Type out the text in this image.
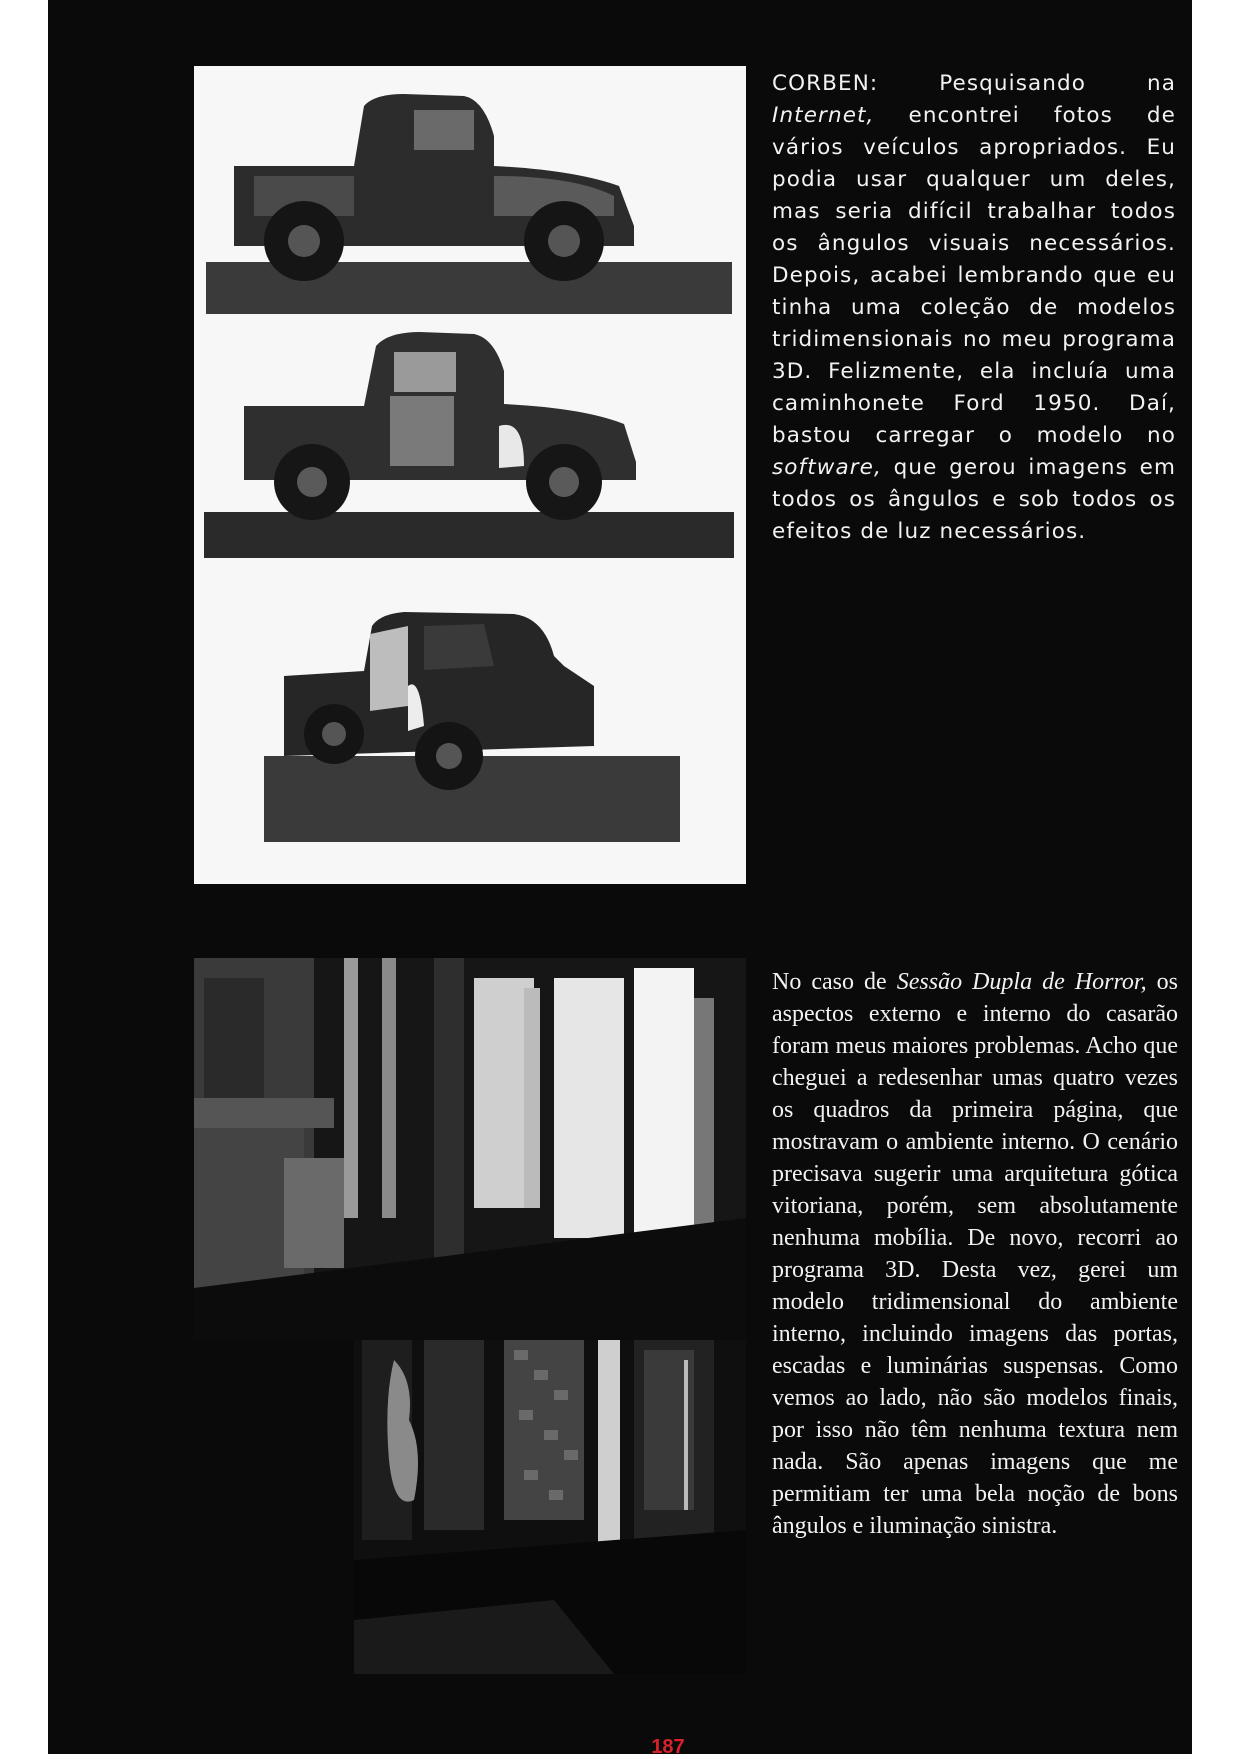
CORBEN: Pesquisando na Internet, encontrei fotos de vários veículos apropriados. Eu podia usar qualquer um deles, mas seria difícil trabalhar todos os ângulos visuais necessários. Depois, acabei lembrando que eu tinha uma coleção de modelos tridimensionais no meu programa 3D. Felizmente, ela incluía uma caminhonete Ford 1950. Daí, bastou carregar o modelo no software, que gerou imagens em todos os ângulos e sob todos os efeitos de luz necessários.

No caso de Sessão Dupla de Horror, os aspectos externo e interno do casarão foram meus maiores problemas. Acho que cheguei a redesenhar umas quatro vezes os quadros da primeira página, que mostravam o ambiente interno. O cenário precisava sugerir uma arquitetura gótica vitoriana, porém, sem absolutamente nenhuma mobília. De novo, recorri ao programa 3D. Desta vez, gerei um modelo tridimensional do ambiente interno, incluindo imagens das portas, escadas e luminárias suspensas. Como vemos ao lado, não são modelos finais, por isso não têm nenhuma textura nem nada. São apenas imagens que me permitiam ter uma bela noção de bons ângulos e iluminação sinistra.

187
